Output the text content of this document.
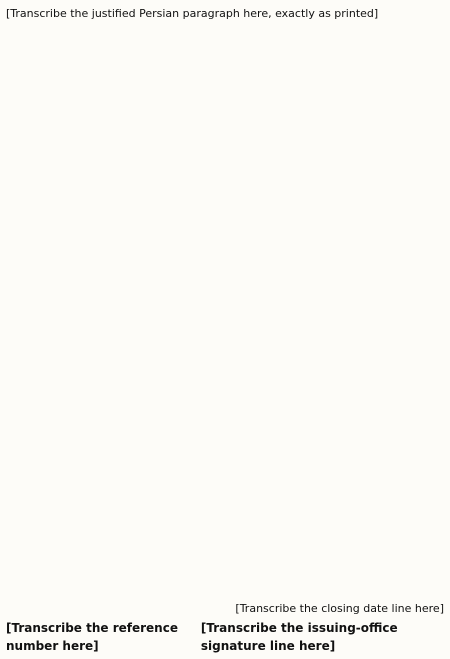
[Transcribe the justified Persian paragraph here, exactly as printed]
[Transcribe the closing date line here]
[Transcribe the issuing-office signature line here]
[Transcribe the reference number here]
